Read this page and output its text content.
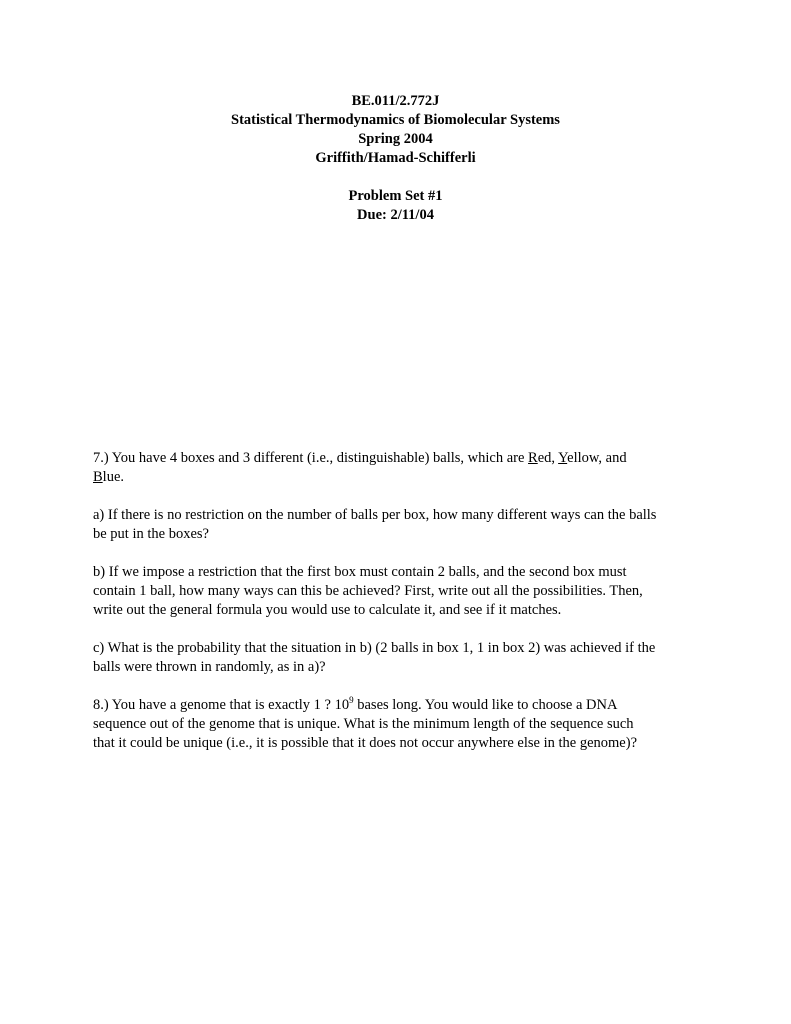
BE.011/2.772J
Statistical Thermodynamics of Biomolecular Systems
Spring 2004
Griffith/Hamad-Schifferli
Problem Set #1
Due: 2/11/04

7.) You have 4 boxes and 3 different (i.e., distinguishable) balls, which are Red, Yellow, and
Blue.

a) If there is no restriction on the number of balls per box, how many different ways can the balls
be put in the boxes?

b) If we impose a restriction that the first box must contain 2 balls, and the second box must
contain 1 ball, how many ways can this be achieved? First, write out all the possibilities. Then,
write out the general formula you would use to calculate it, and see if it matches.

c) What is the probability that the situation in b) (2 balls in box 1, 1 in box 2) was achieved if the
balls were thrown in randomly, as in a)?

8.) You have a genome that is exactly 1 ? $10^9$ bases long. You would like to choose a DNA
sequence out of the genome that is unique. What is the minimum length of the sequence such
that it could be unique (i.e., it is possible that it does not occur anywhere else in the genome)?
